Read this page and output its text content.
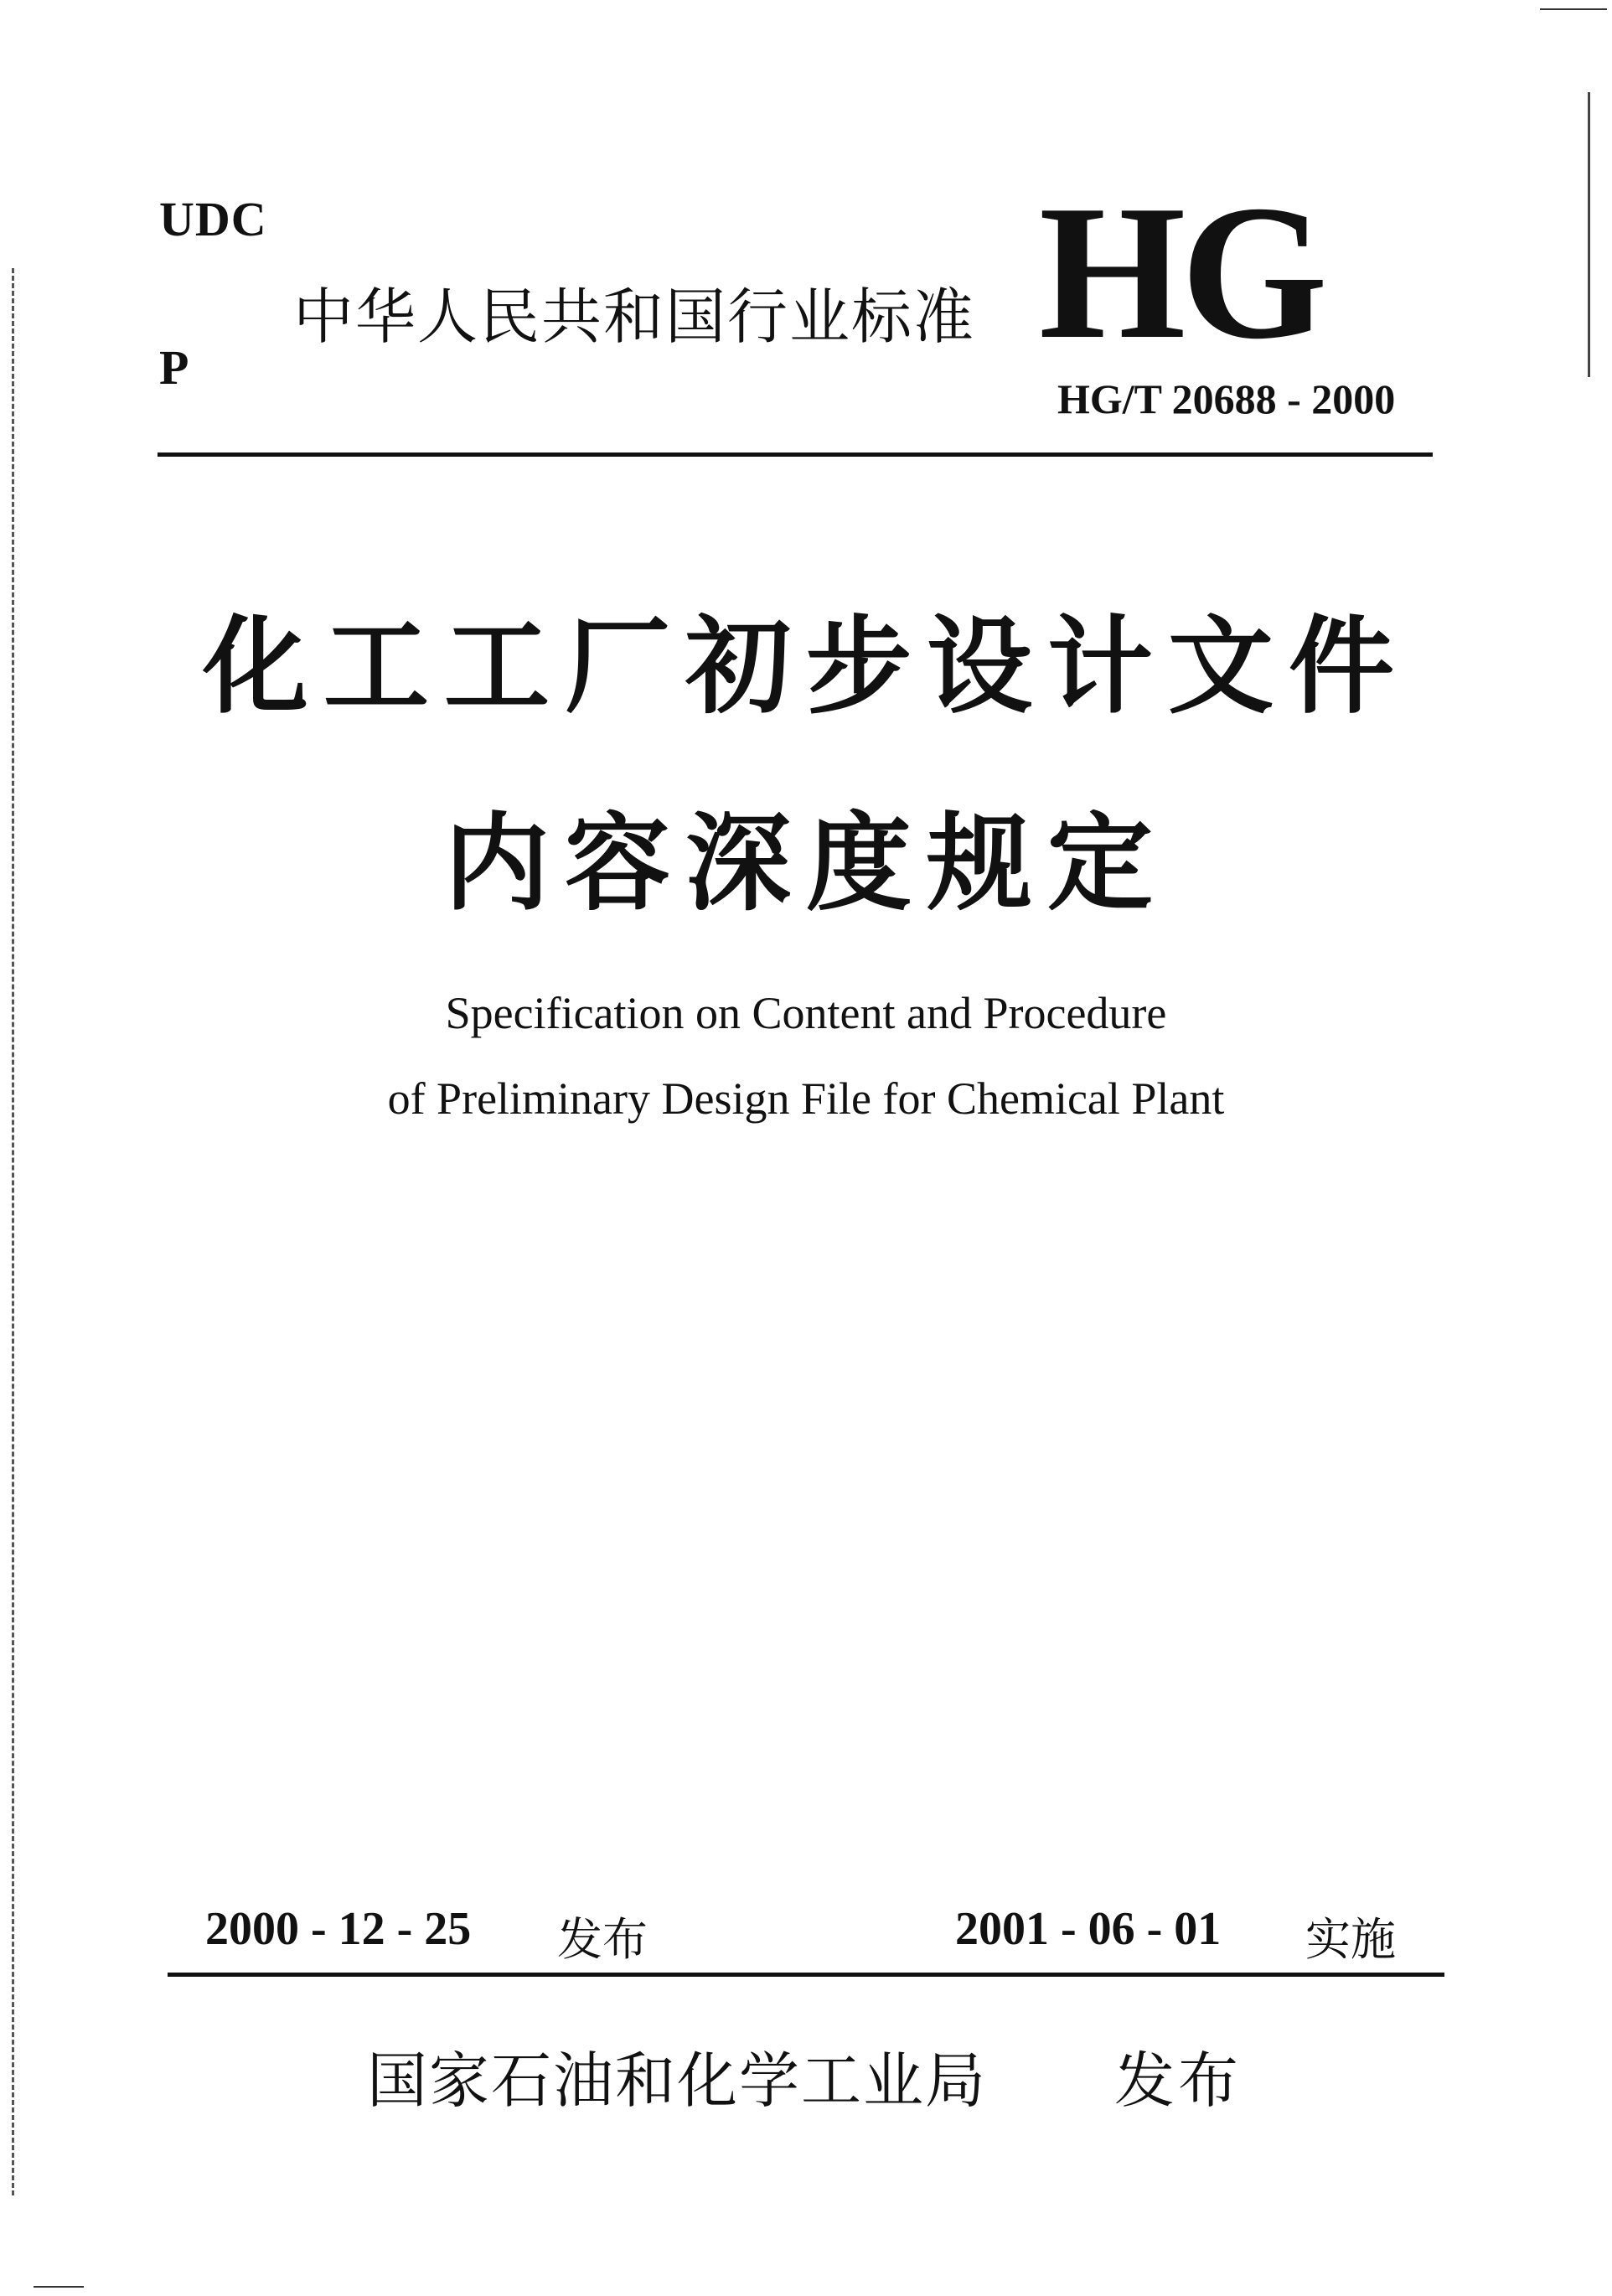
UDC
P
中华人民共和国行业标准 HG
HG/T 20688 - 2000
化工工厂初步设计文件
内容深度规定
Specification on Content and Procedure
of Preliminary Design File for Chemical Plant
2000 - 12 - 25 发布	2001 - 06 - 01 实施
国家石油和化学工业局 发布
